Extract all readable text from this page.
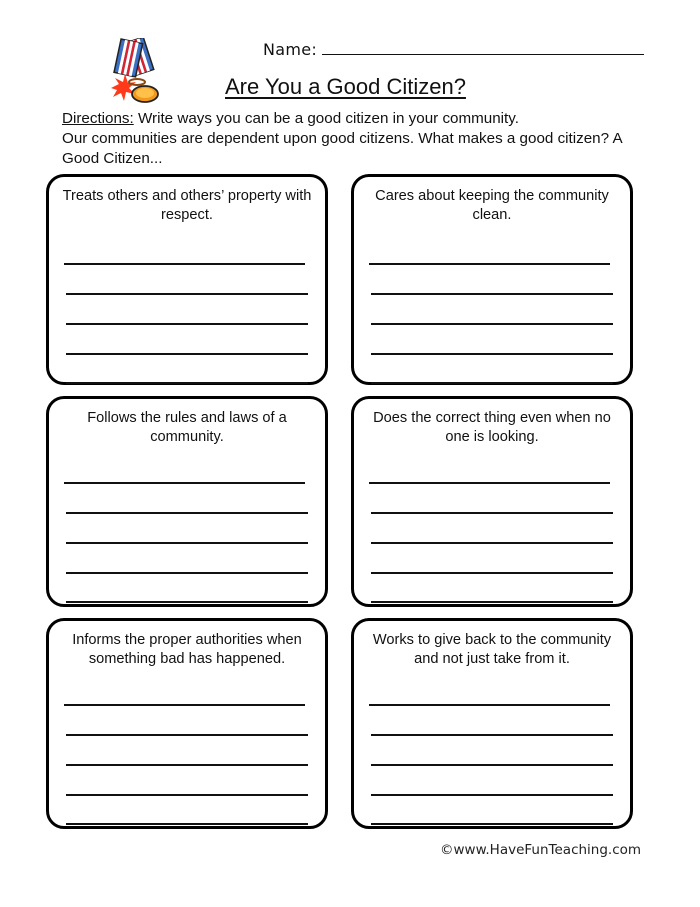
Name:
Are You a Good Citizen?
Directions: Write ways you can be a good citizen in your community.
Our communities are dependent upon good citizens. What makes a good citizen? A Good Citizen...
Treats others and others’ property with respect.
Cares about keeping the community clean.
Follows the rules and laws of a community.
Does the correct thing even when no one is looking.
Informs the proper authorities when something bad has happened.
Works to give back to the community and not just take from it.
©www.HaveFunTeaching.com
